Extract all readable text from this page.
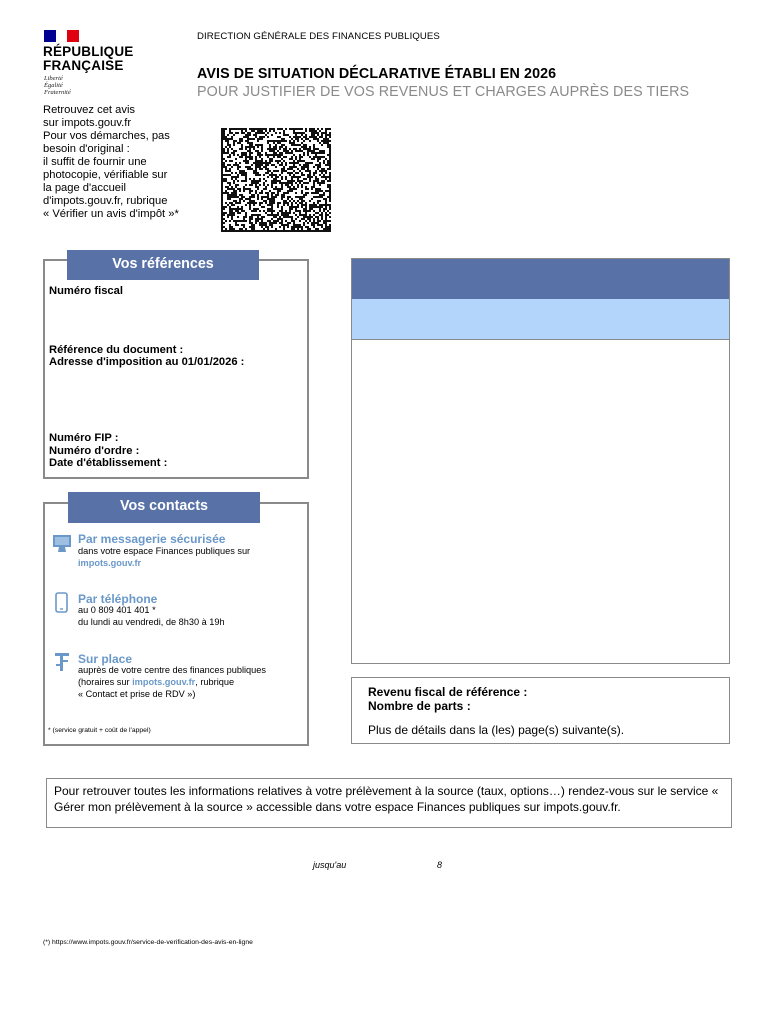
RÉPUBLIQUE
FRANÇAISE
Liberté
Égalité
Fraternité
Retrouvez cet avis
sur impots.gouv.fr
Pour vos démarches, pas
besoin d'original :
il suffit de fournir une
photocopie, vérifiable sur
la page d'accueil
d'impots.gouv.fr, rubrique
« Vérifier un avis d'impôt »*
DIRECTION GÉNÉRALE DES FINANCES PUBLIQUES
AVIS DE SITUATION DÉCLARATIVE ÉTABLI EN 2026
POUR JUSTIFIER DE VOS REVENUS ET CHARGES AUPRÈS DES TIERS
Vos références
Numéro fiscal
Référence du document :
Adresse d'imposition au 01/01/2026 :
Numéro FIP :
Numéro d'ordre :
Date d'établissement :
Vos contacts
Par messagerie sécurisée
dans votre espace Finances publiques sur
impots.gouv.fr
Par téléphone
au 0 809 401 401 *
du lundi au vendredi, de 8h30 à 19h
Sur place
auprès de votre centre des finances publiques
(horaires sur impots.gouv.fr, rubrique
« Contact et prise de RDV »)
* (service gratuit + coût de l'appel)
Revenu fiscal de référence :
Nombre de parts :
Plus de détails dans la (les) page(s) suivante(s).
Pour retrouver toutes les informations relatives à votre prélèvement à la source (taux, options…) rendez-vous sur le service « Gérer mon prélèvement à la source » accessible dans votre espace Finances publiques sur impots.gouv.fr.
jusqu'au	8
(*) https://www.impots.gouv.fr/service-de-verification-des-avis-en-ligne
